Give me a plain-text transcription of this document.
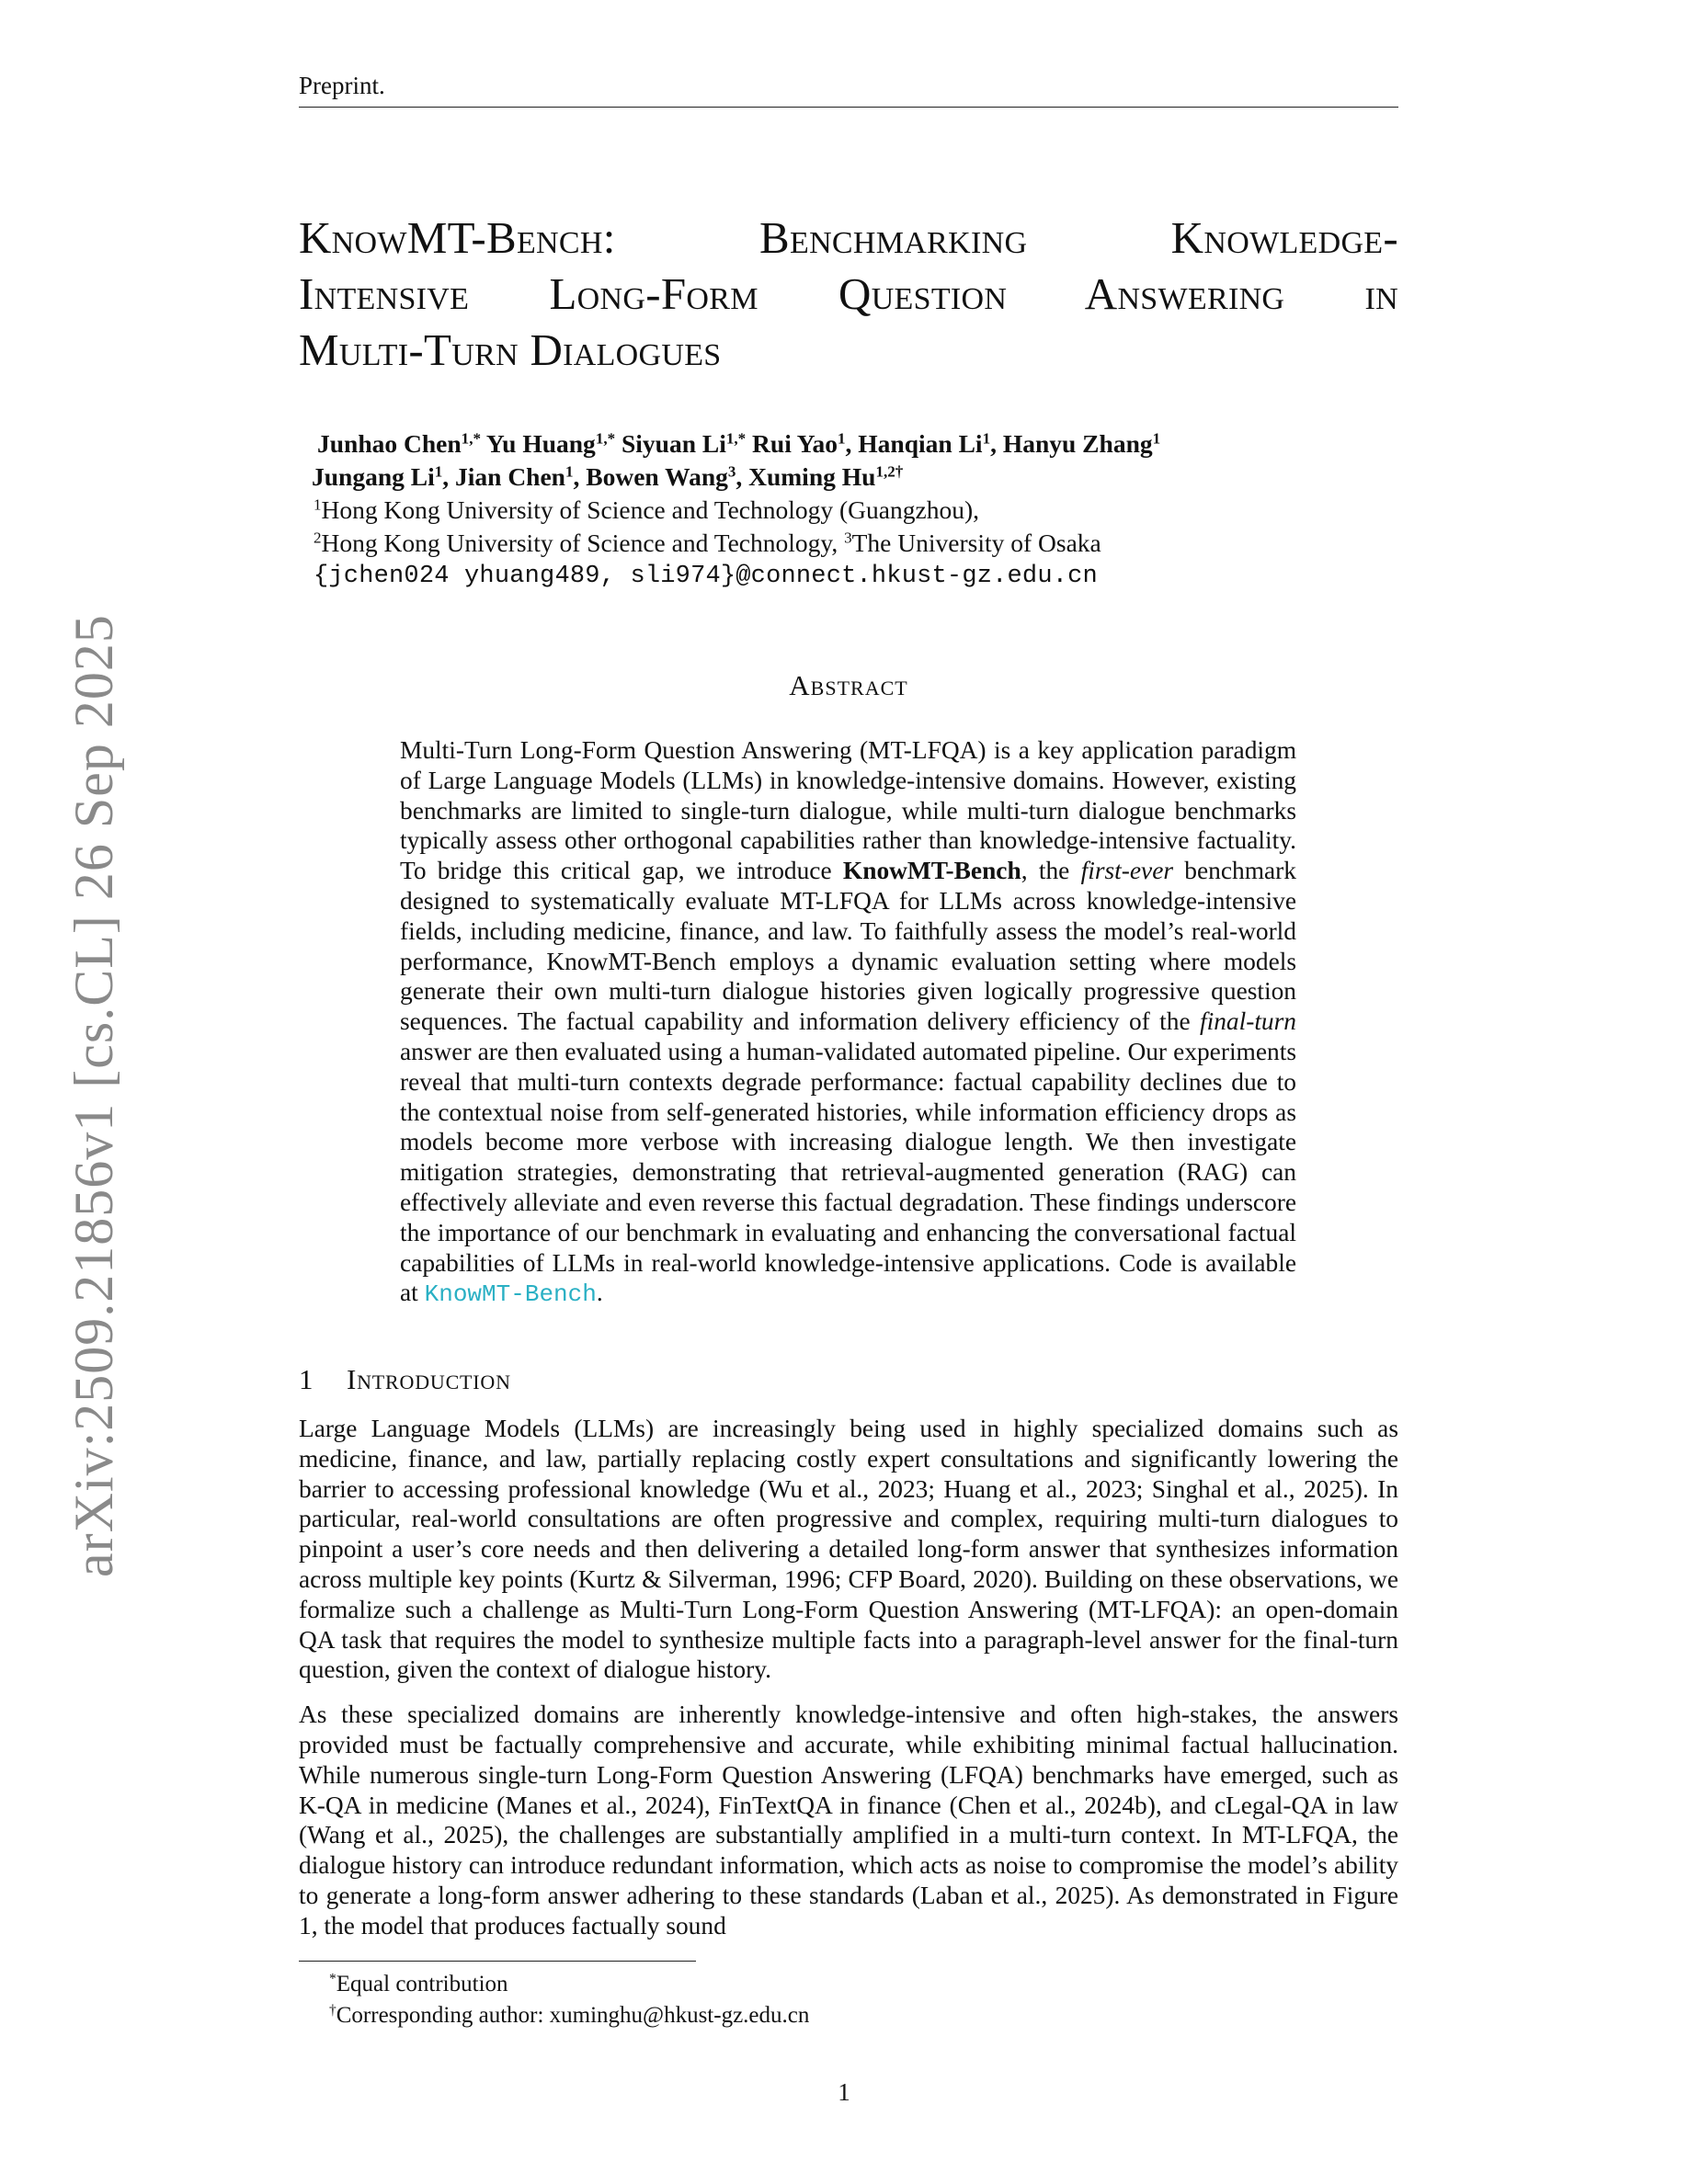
Preprint.
KnowMT-Bench: Benchmarking Knowledge-
Intensive Long-Form Question Answering in
Multi-Turn Dialogues
Junhao Chen$^{1,*}$ Yu Huang$^{1,*}$ Siyuan $Li^{1,*}$ Rui Yao$^1$, Hanqian Li$^1$, Hanyu Zhang$^1$
Jungang Li$^1$, Jian Chen$^1$, Bowen Wang$^3$, Xuming $Hu^{1,2\dagger}$
$^1$Hong Kong University of Science and Technology (Guangzhou),
$^2$Hong Kong University of Science and Technology, $^3$The University of Osaka
{jchen024 yhuang489, sli974}@connect.hkust-gz.edu.cn
arXiv:2509.21856v1 [cs.CL] 26 Sep 2025	Abstract
Multi-Turn Long-Form Question Answering (MT-LFQA) is a key application paradigm of Large Language Models (LLMs) in knowledge-intensive domains. However, existing benchmarks are limited to single-turn dialogue, while multi-turn dialogue benchmarks typically assess other orthogonal capabilities rather than knowledge-intensive factuality. To bridge this critical gap, we introduce KnowMT-Bench, the first-ever benchmark designed to systematically evaluate MT-LFQA for LLMs across knowledge-intensive fields, including medicine, finance, and law. To faithfully assess the model’s real-world performance, KnowMT-Bench employs a dynamic evaluation setting where models generate their own multi-turn dialogue histories given logically progressive question sequences. The factual capability and information delivery efficiency of the final-turn answer are then evaluated using a human-validated automated pipeline. Our experiments reveal that multi-turn contexts degrade performance: factual capability declines due to the contextual noise from self-generated histories, while information efficiency drops as models become more verbose with increasing dialogue length. We then investigate mitigation strategies, demonstrating that retrieval-augmented generation (RAG) can effectively alleviate and even reverse this factual degradation. These findings underscore the importance of our benchmark in evaluating and enhancing the conversational factual capabilities of LLMs in real-world knowledge-intensive applications. Code is available at KnowMT-Bench.
1 Introduction

Large Language Models (LLMs) are increasingly being used in highly specialized domains such as medicine, finance, and law, partially replacing costly expert consultations and significantly lowering the barrier to accessing professional knowledge (Wu et al., 2023; Huang et al., 2023; Singhal et al., 2025). In particular, real-world consultations are often progressive and complex, requiring multi-turn dialogues to pinpoint a user’s core needs and then delivering a detailed long-form answer that synthesizes information across multiple key points (Kurtz & Silverman, 1996; CFP Board, 2020). Building on these observations, we formalize such a challenge as Multi-Turn Long-Form Question Answering (MT-LFQA): an open-domain QA task that requires the model to synthesize multiple facts into a paragraph-level answer for the final-turn question, given the context of dialogue history.

As these specialized domains are inherently knowledge-intensive and often high-stakes, the answers provided must be factually comprehensive and accurate, while exhibiting minimal factual hallucination. While numerous single-turn Long-Form Question Answering (LFQA) benchmarks have emerged, such as K-QA in medicine (Manes et al., 2024), FinTextQA in finance (Chen et al., 2024b), and cLegal-QA in law (Wang et al., 2025), the challenges are substantially amplified in a multi-turn context. In MT-LFQA, the dialogue history can introduce redundant information, which acts as noise to compromise the model’s ability to generate a long-form answer adhering to these standards (Laban et al., 2025). As demonstrated in Figure 1, the model that produces factually sound

*Equal contribution
†Corresponding author: xuminghu@hkust-gz.edu.cn
1
